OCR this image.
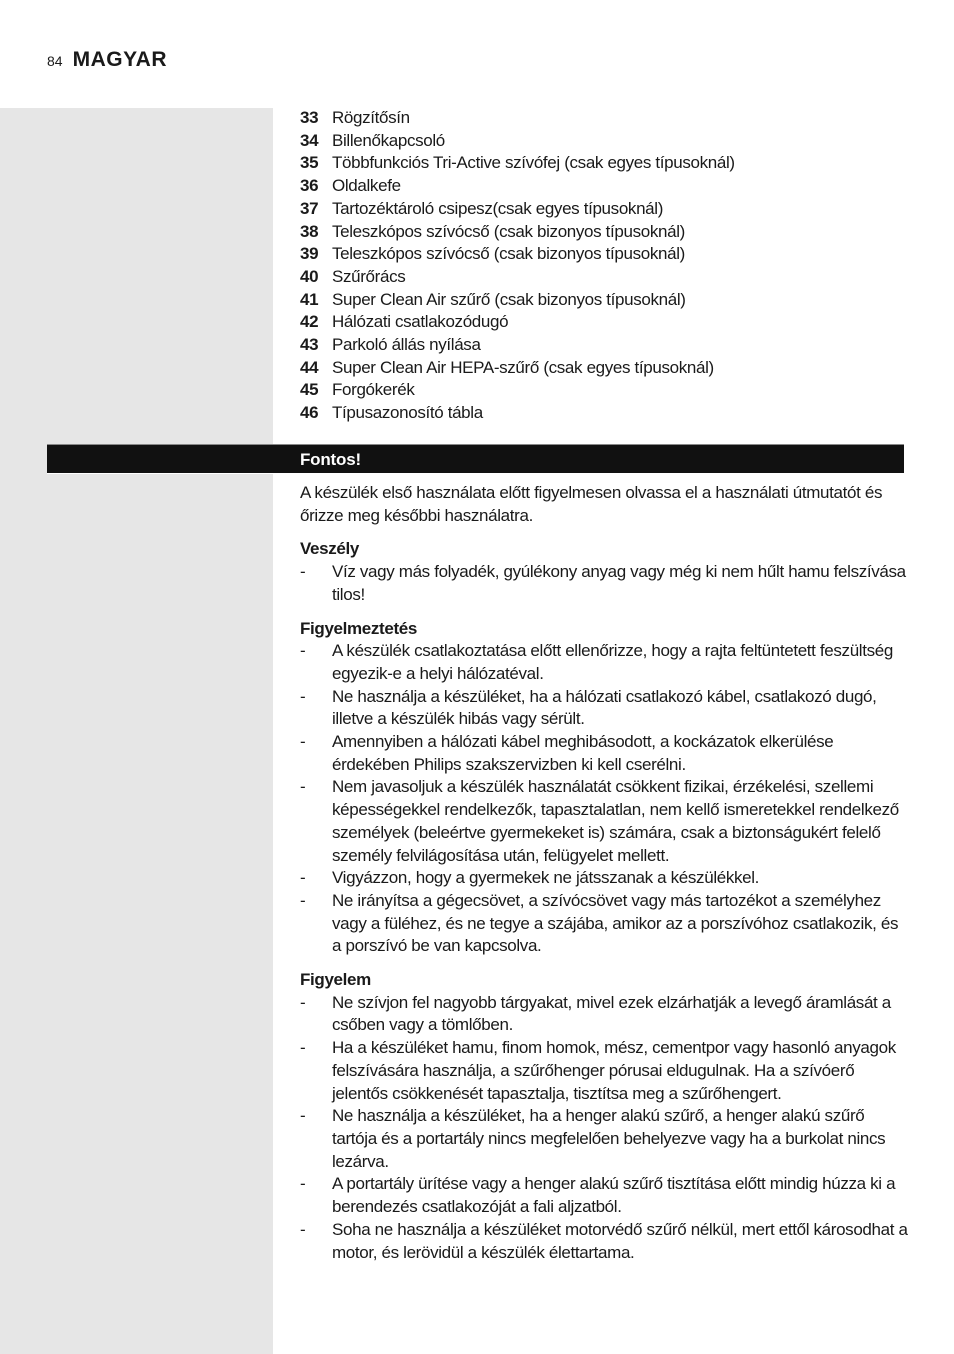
84 MAGYAR
33 Rögzítősín
34 Billenőkapcsoló
35 Többfunkciós Tri-Active szívófej (csak egyes típusoknál)
36 Oldalkefe
37 Tartozéktároló csipesz(csak egyes típusoknál)
38 Teleszkópos szívócső (csak bizonyos típusoknál)
39 Teleszkópos szívócső (csak bizonyos típusoknál)
40 Szűrőrács
41 Super Clean Air szűrő (csak bizonyos típusoknál)
42 Hálózati csatlakozódugó
43 Parkoló állás nyílása
44 Super Clean Air HEPA-szűrő (csak egyes típusoknál)
45 Forgókerék
46 Típusazonosító tábla
Fontos!

A készülék első használata előtt figyelmesen olvassa el a használati útmutatót és őrizze meg későbbi használatra.

Veszély

-	Víz vagy más folyadék, gyúlékony anyag vagy még ki nem hűlt hamu felszívása tilos!

Figyelmeztetés

-	A készülék csatlakoztatása előtt ellenőrizze, hogy a rajta feltüntetett feszültség egyezik-e a helyi hálózatéval.
-	Ne használja a készüléket, ha a hálózati csatlakozó kábel, csatlakozó dugó, illetve a készülék hibás vagy sérült.
-	Amennyiben a hálózati kábel meghibásodott, a kockázatok elkerülése érdekében Philips szakszervizben ki kell cserélni.
-	Nem javasoljuk a készülék használatát csökkent fizikai, érzékelési, szellemi képességekkel rendelkezők, tapasztalatlan, nem kellő ismeretekkel rendelkező személyek (beleértve gyermekeket is) számára, csak a biztonságukért felelő személy felvilágosítása után, felügyelet mellett.
-	Vigyázzon, hogy a gyermekek ne játsszanak a készülékkel.
-	Ne irányítsa a gégecsövet, a szívócsövet vagy más tartozékot a személyhez vagy a füléhez, és ne tegye a szájába, amikor az a porszívóhoz csatlakozik, és a porszívó be van kapcsolva.

Figyelem

-	Ne szívjon fel nagyobb tárgyakat, mivel ezek elzárhatják a levegő áramlását a csőben vagy a tömlőben.
-	Ha a készüléket hamu, finom homok, mész, cementpor vagy hasonló anyagok felszívására használja, a szűrőhenger pórusai eldugulnak. Ha a szívóerő jelentős csökkenését tapasztalja, tisztítsa meg a szűrőhengert.
-	Ne használja a készüléket, ha a henger alakú szűrő, a henger alakú szűrő tartója és a portartály nincs megfelelően behelyezve vagy ha a burkolat nincs lezárva.
-	A portartály ürítése vagy a henger alakú szűrő tisztítása előtt mindig húzza ki a berendezés csatlakozóját a fali aljzatból.
-	Soha ne használja a készüléket motorvédő szűrő nélkül, mert ettől károsodhat a motor, és lerövidül a készülék élettartama.
